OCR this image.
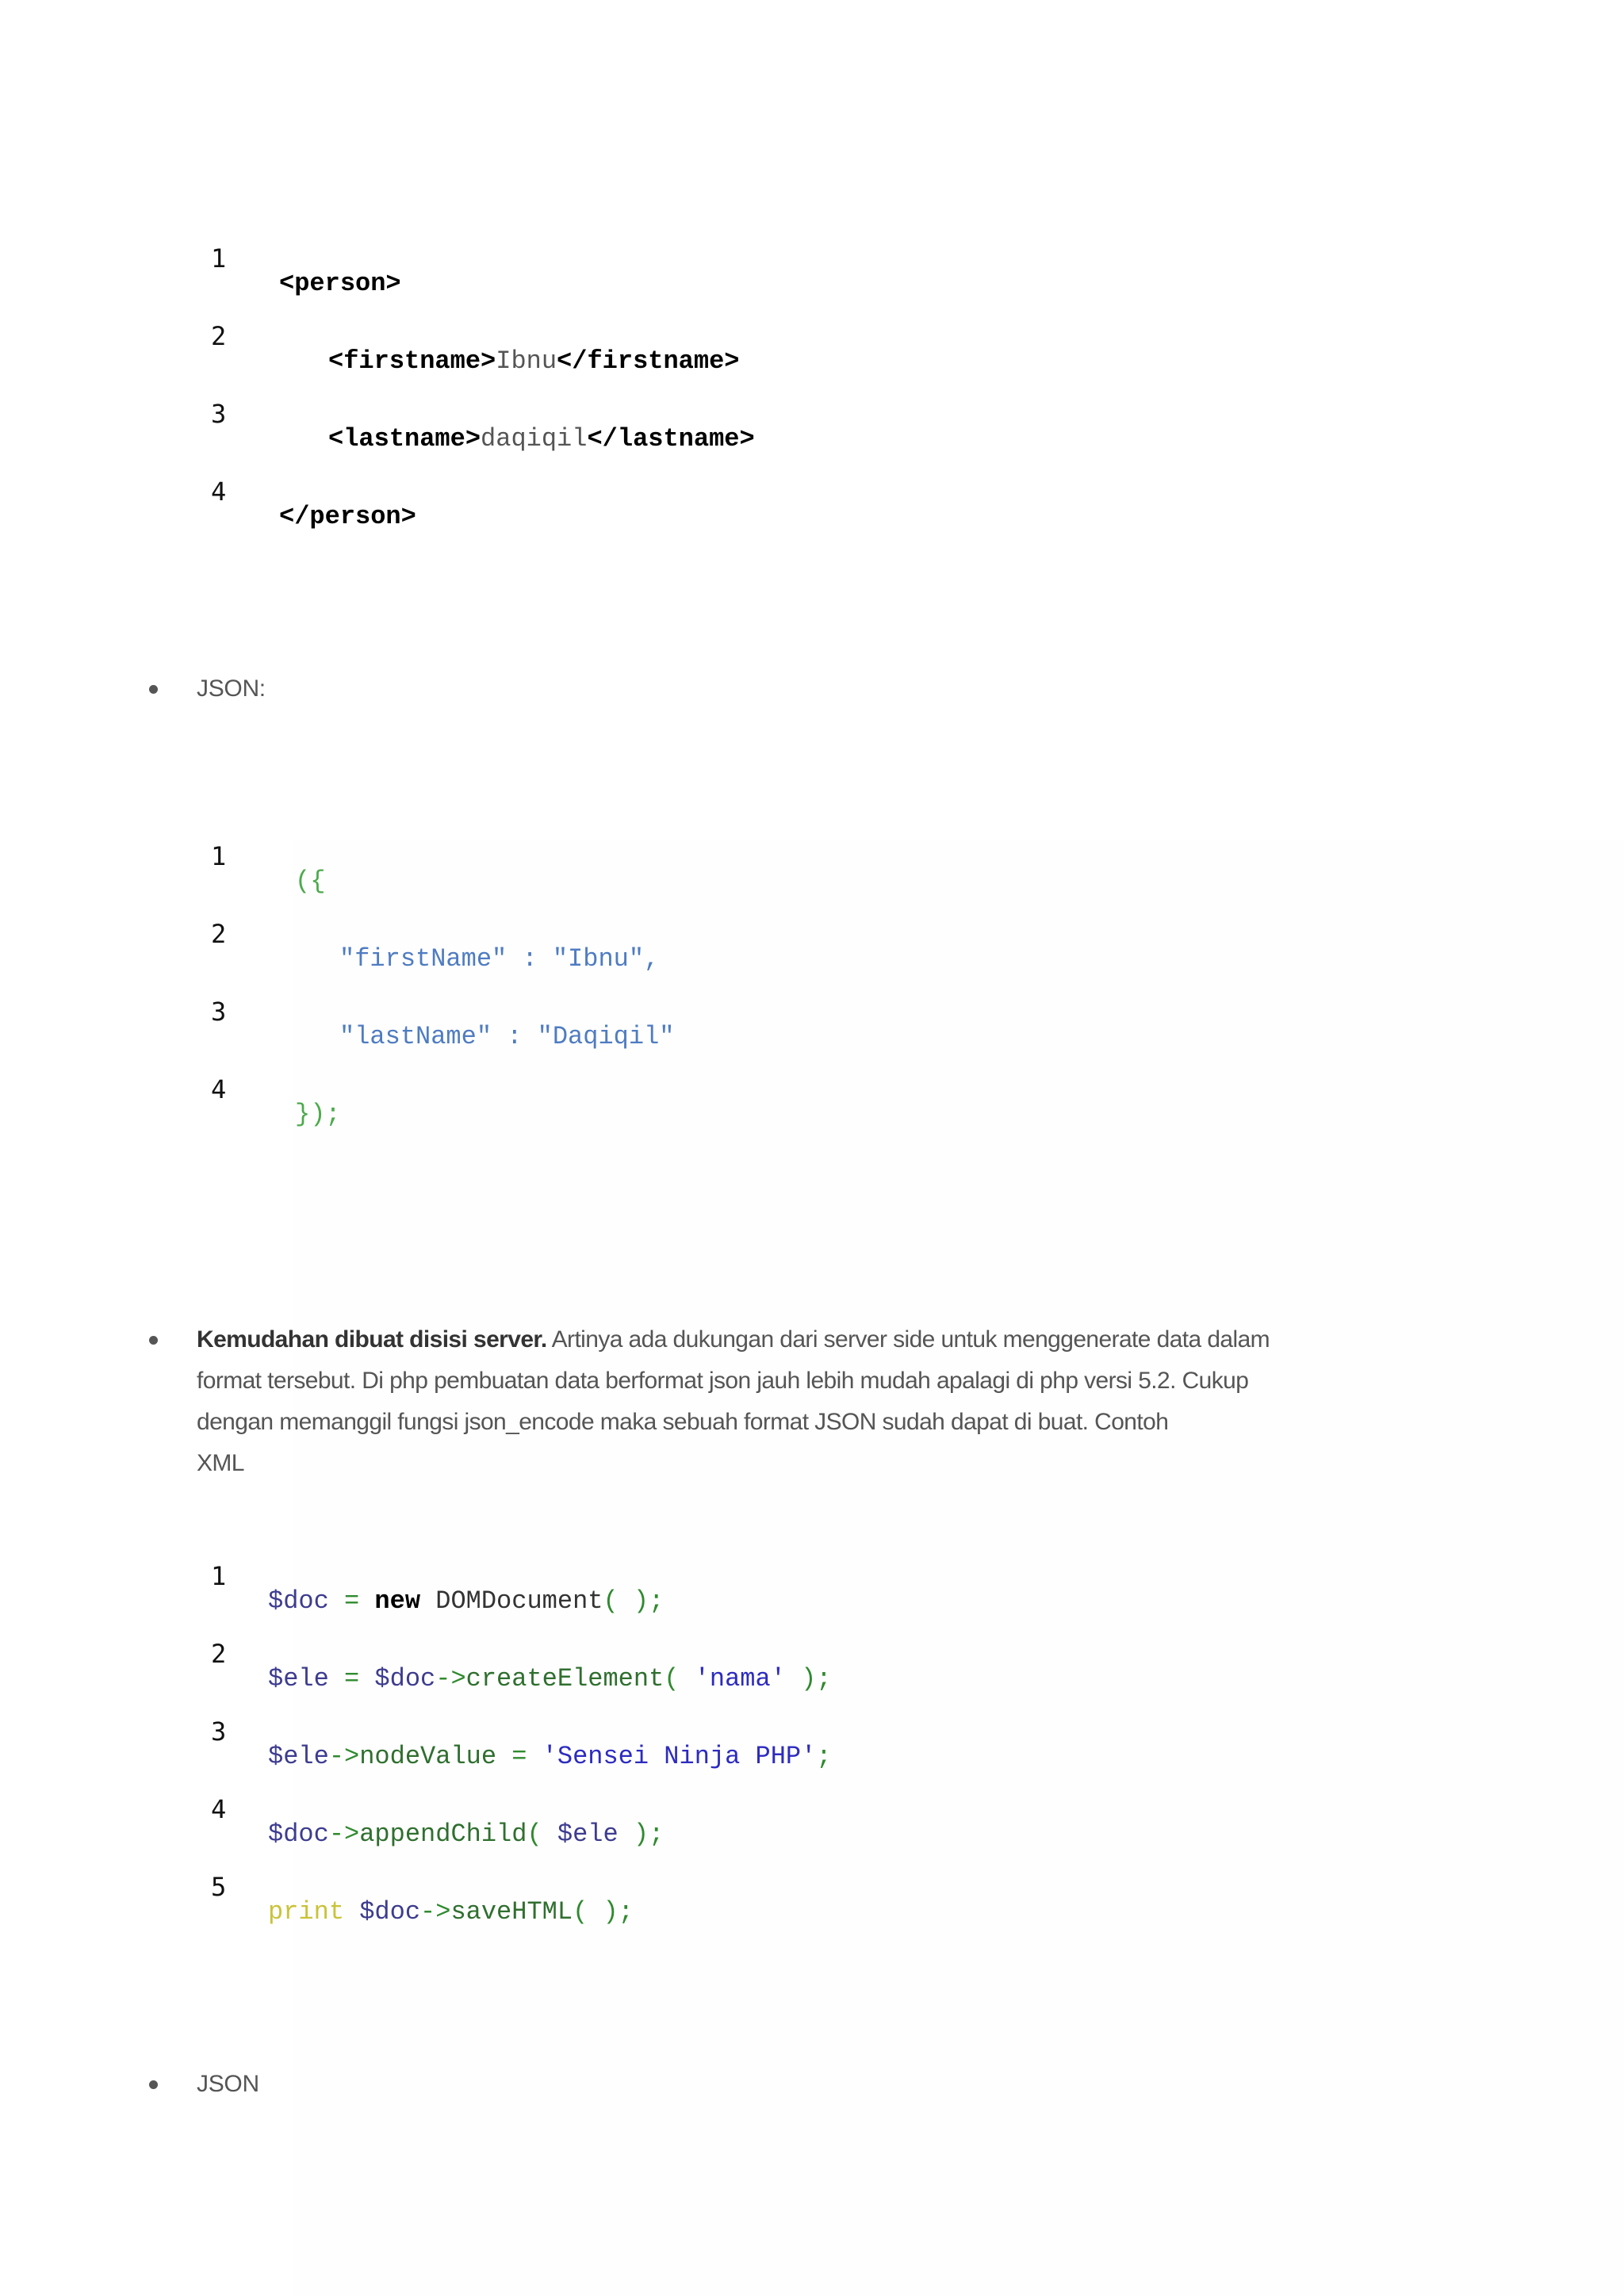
1
<person>
2
<firstname>Ibnu</firstname>
3
<lastname>daqiqil</lastname>
4
</person>
JSON:
1
({
2
"firstName" : "Ibnu",
3
"lastName" : "Daqiqil"
4
});
Kemudahan dibuat disisi server. Artinya ada dukungan dari server side untuk menggenerate data dalam
format tersebut. Di php pembuatan data berformat json jauh lebih mudah apalagi di php versi 5.2. Cukup
dengan memanggil fungsi json_encode maka sebuah format JSON sudah dapat di buat. Contoh
XML
1
$doc = new DOMDocument( );
2
$ele = $doc->createElement( 'nama' );
3
$ele->nodeValue = 'Sensei Ninja PHP';
4
$doc->appendChild( $ele );
5
print $doc->saveHTML( );
JSON
